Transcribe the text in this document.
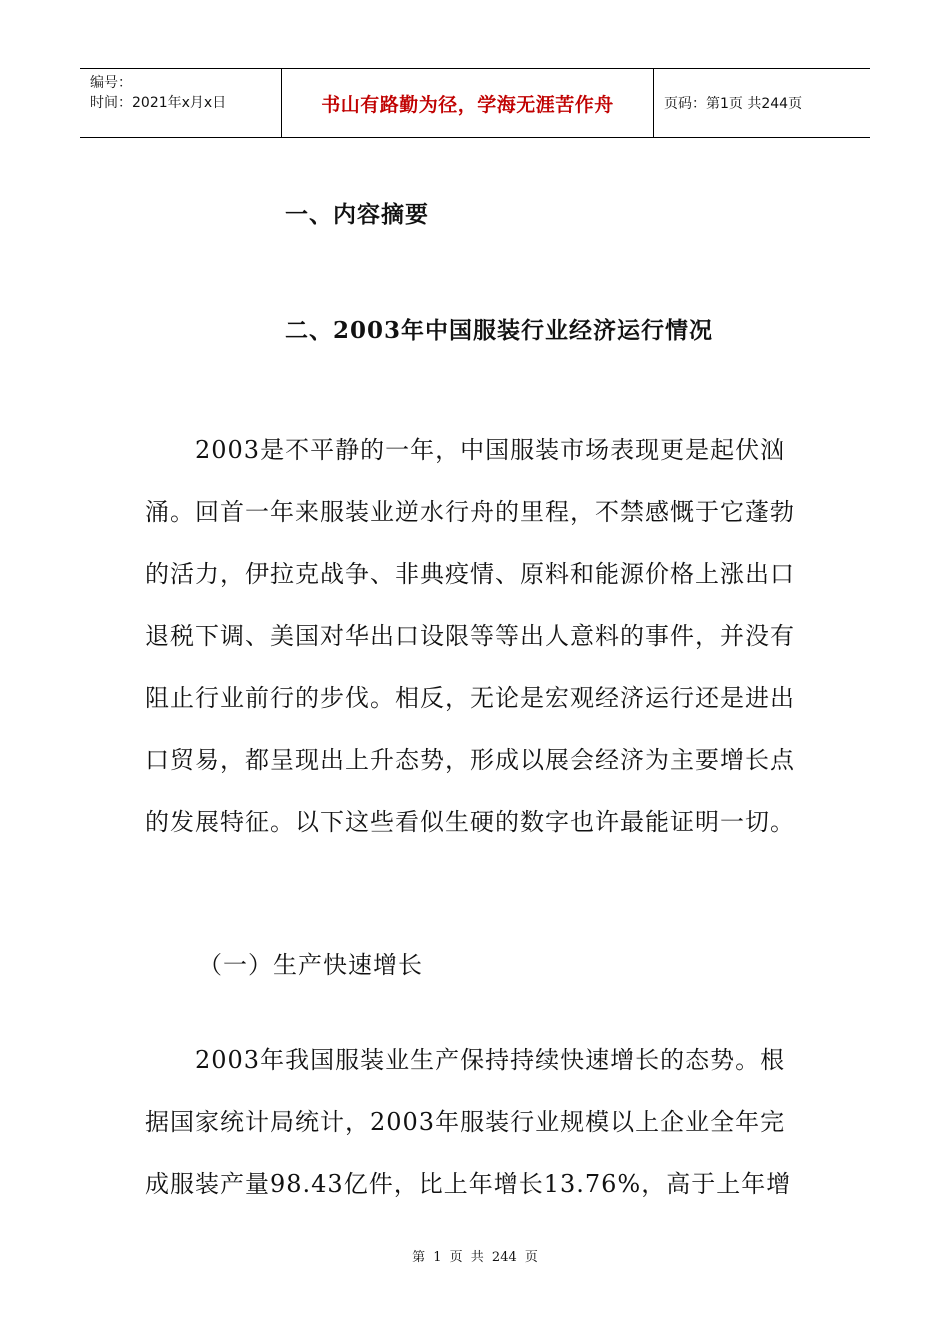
编号：
时间：2021年x月x日	书山有路勤为径，学海无涯苦作舟	页码：第1页 共244页
一、内容摘要
二、2003年中国服装行业经济运行情况

2003是不平静的一年，中国服装市场表现更是起伏汹涌。回首一年来服装业逆水行舟的里程，不禁感慨于它蓬勃的活力，伊拉克战争、非典疫情、原料和能源价格上涨出口退税下调、美国对华出口设限等等出人意料的事件，并没有阻止行业前行的步伐。相反，无论是宏观经济运行还是进出口贸易，都呈现出上升态势，形成以展会经济为主要增长点的发展特征。以下这些看似生硬的数字也许最能证明一切。

（一）生产快速增长

2003年我国服装业生产保持持续快速增长的态势。根据国家统计局统计，2003年服装行业规模以上企业全年完成服装产量98.43亿件，比上年增长13.76%，高于上年增

第 1 页 共 244 页
